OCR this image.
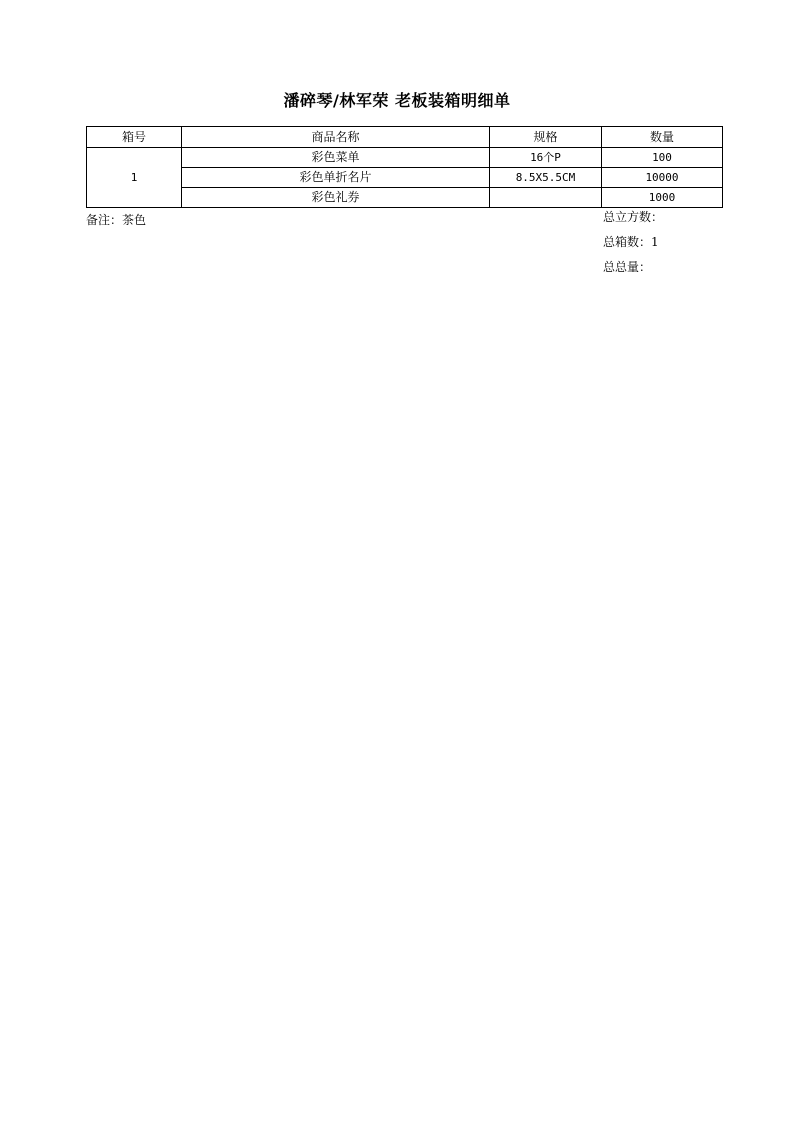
潘碎琴/林军荣 老板装箱明细单
箱号	商品名称	规格	数量
1	彩色菜单	16个P	100
	彩色单折名片	8.5X5.5CM	10000
	彩色礼券		1000
备注：茶色	总立方数：
总箱数：1
总总量：
